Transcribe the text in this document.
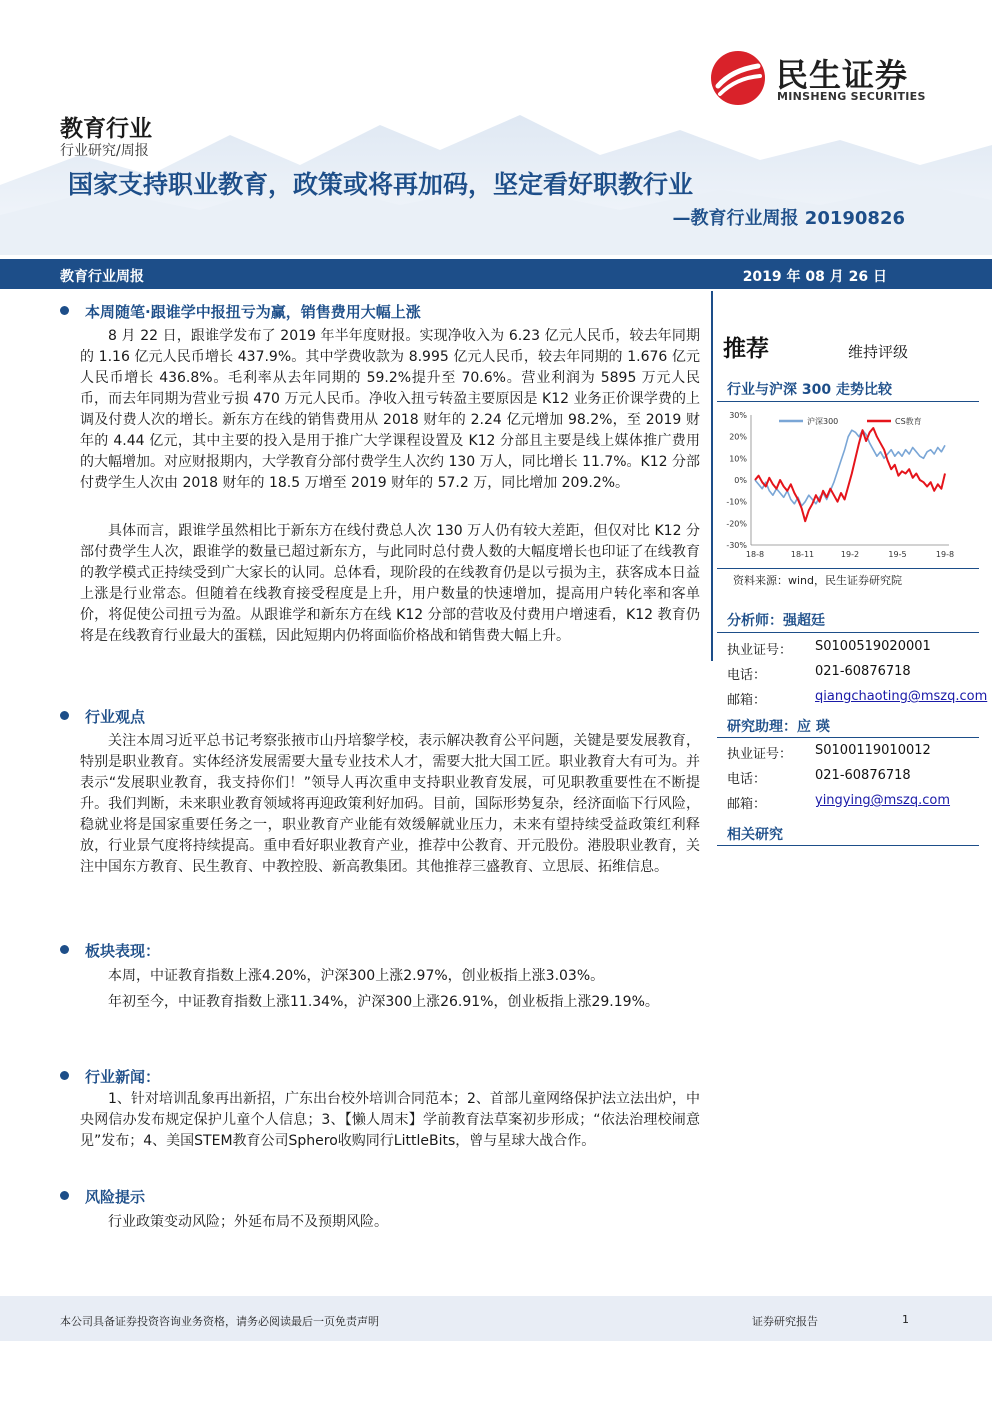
民生证券
MINSHENG SECURITIES
教育行业
行业研究/周报
国家支持职业教育，政策或将再加码，坚定看好职教行业
—教育行业周报 20190826
教育行业周报	2019 年 08 月 26 日
本周随笔·跟谁学中报扭亏为赢，销售费用大幅上涨

8 月 22 日，跟谁学发布了 2019 年半年度财报。实现净收入为 6.23 亿元人民币，较去年同期的 1.16 亿元人民币增长 437.9%。其中学费收款为 8.995 亿元人民币，较去年同期的 1.676 亿元人民币增长 436.8%。毛利率从去年同期的 59.2%提升至 70.6%。营业利润为 5895 万元人民币，而去年同期为营业亏损 470 万元人民币。净收入扭亏转盈主要原因是 K12 业务正价课学费的上调及付费人次的增长。新东方在线的销售费用从 2018 财年的 2.24 亿元增加 98.2%，至 2019 财年的 4.44 亿元，其中主要的投入是用于推广大学课程设置及 K12 分部且主要是线上媒体推广费用的大幅增加。对应财报期内，大学教育分部付费学生人次约 130 万人，同比增长 11.7%。K12 分部付费学生人次由 2018 财年的 18.5 万增至 2019 财年的 57.2 万，同比增加 209.2%。

具体而言，跟谁学虽然相比于新东方在线付费总人次 130 万人仍有较大差距，但仅对比 K12 分部付费学生人次，跟谁学的数量已超过新东方，与此同时总付费人数的大幅度增长也印证了在线教育的教学模式正持续受到广大家长的认同。总体看，现阶段的在线教育仍是以亏损为主，获客成本日益上涨是行业常态。但随着在线教育接受程度是上升，用户数量的快速增加，提高用户转化率和客单价，将促使公司扭亏为盈。从跟谁学和新东方在线 K12 分部的营收及付费用户增速看，K12 教育仍将是在线教育行业最大的蛋糕，因此短期内仍将面临价格战和销售费大幅上升。

行业观点

关注本周习近平总书记考察张掖市山丹培黎学校，表示解决教育公平问题，关键是要发展教育，特别是职业教育。实体经济发展需要大量专业技术人才，需要大批大国工匠。职业教育大有可为。并表示“发展职业教育，我支持你们！”领导人再次重申支持职业教育发展，可见职教重要性在不断提升。我们判断，未来职业教育领域将再迎政策利好加码。目前，国际形势复杂，经济面临下行风险，稳就业将是国家重要任务之一，职业教育产业能有效缓解就业压力，未来有望持续受益政策红利释放，行业景气度将持续提高。重申看好职业教育产业，推荐中公教育、开元股份。港股职业教育，关注中国东方教育、民生教育、中教控股、新高教集团。其他推荐三盛教育、立思辰、拓维信息。

板块表现：

本周，中证教育指数上涨4.20%，沪深300上涨2.97%，创业板指上涨3.03%。

年初至今，中证教育指数上涨11.34%，沪深300上涨26.91%，创业板指上涨29.19%。

行业新闻：

1、针对培训乱象再出新招，广东出台校外培训合同范本；2、首部儿童网络保护法立法出炉，中央网信办发布规定保护儿童个人信息；3、【懒人周末】学前教育法草案初步形成；“依法治理校闹意见”发布；4、美国STEM教育公司Sphero收购同行LittleBits，曾与星球大战合作。

风险提示

行业政策变动风险；外延布局不及预期风险。

推荐	维持评级
行业与沪深 300 走势比较
30%
20%
10%
0%
-10%
-20%
-30%
18-8	18-11	19-2	19-5	19-8
沪深300	CS教育
资料来源：wind，民生证券研究院
分析师：强超廷
执业证号： S0100519020001
电话：	021-60876718
邮箱：	qiangchaoting@mszq.com
研究助理：应 瑛
执业证号： S0100119010012
电话：	021-60876718
邮箱：	yingying@mszq.com
相关研究
本公司具备证券投资咨询业务资格，请务必阅读最后一页免责声明	证券研究报告	1
